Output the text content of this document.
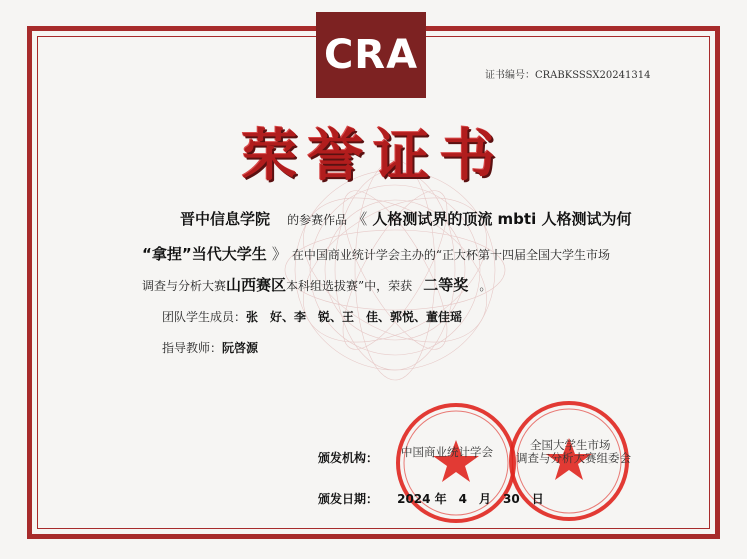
CRA	证书编号：CRABKSSSX20241314
荣誉证书
晋中信息学院 的参赛作品 《 人格测试界的顶流 mbti 人格测试为何
“拿捏”当代大学生 》 在中国商业统计学会主办的“正大杯第十四届全国大学生市场
调查与分析大赛山西赛区本科组选拔赛”中，荣获 二等奖 。
团队学生成员：张　好、李　锐、王　佳、郭悦、董佳瑶
指导教师：阮啓源
中国商业统计学会	全国大学生市场
调查与分析大赛组委会
颁发机构：
颁发日期： 2024 年　4　月　30　日
